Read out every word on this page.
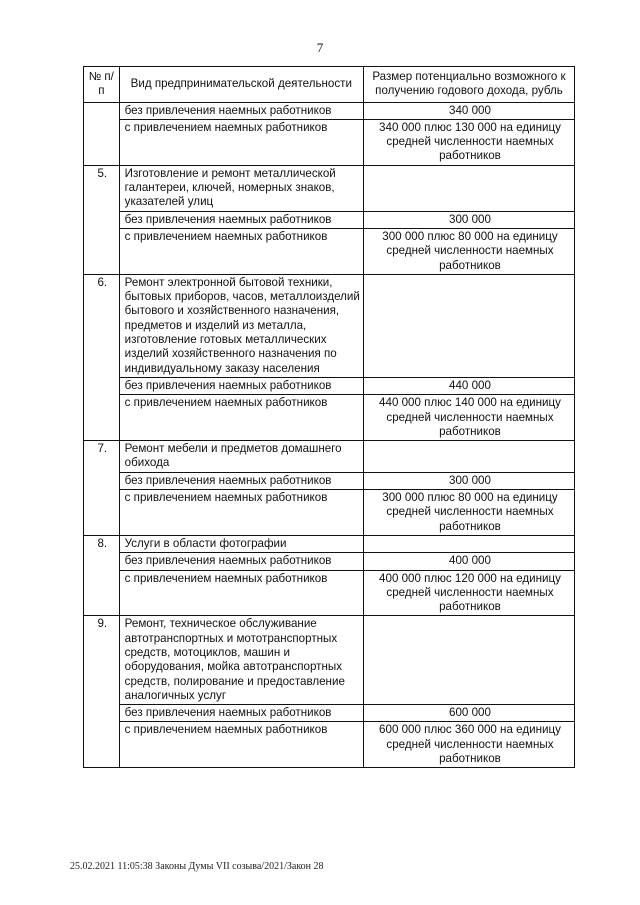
7
№ п/п	Вид предпринимательской деятельности	Размер потенциально возможного к получению годового дохода, рубль
	без привлечения наемных работников	340 000
	с привлечением наемных работников	340 000 плюс 130 000 на единицу средней численности наемных работников
5.	Изготовление и ремонт металлической галантереи, ключей, номерных знаков, указателей улиц	
	без привлечения наемных работников	300 000
	с привлечением наемных работников	300 000 плюс 80 000 на единицу средней численности наемных работников
6.	Ремонт электронной бытовой техники, бытовых приборов, часов, металлоизделий бытового и хозяйственного назначения, предметов и изделий из металла, изготовление готовых металлических изделий хозяйственного назначения по индивидуальному заказу населения	
	без привлечения наемных работников	440 000
	с привлечением наемных работников	440 000 плюс 140 000 на единицу средней численности наемных работников
7.	Ремонт мебели и предметов домашнего обихода	
	без привлечения наемных работников	300 000
	с привлечением наемных работников	300 000 плюс 80 000 на единицу средней численности наемных работников
8.	Услуги в области фотографии	
	без привлечения наемных работников	400 000
	с привлечением наемных работников	400 000 плюс 120 000 на единицу средней численности наемных работников
9.	Ремонт, техническое обслуживание автотранспортных и мототранспортных средств, мотоциклов, машин и оборудования, мойка автотранспортных средств, полирование и предоставление аналогичных услуг	
	без привлечения наемных работников	600 000
	с привлечением наемных работников	600 000 плюс 360 000 на единицу средней численности наемных работников
25.02.2021 11:05:38 Законы Думы VII созыва/2021/Закон 28
